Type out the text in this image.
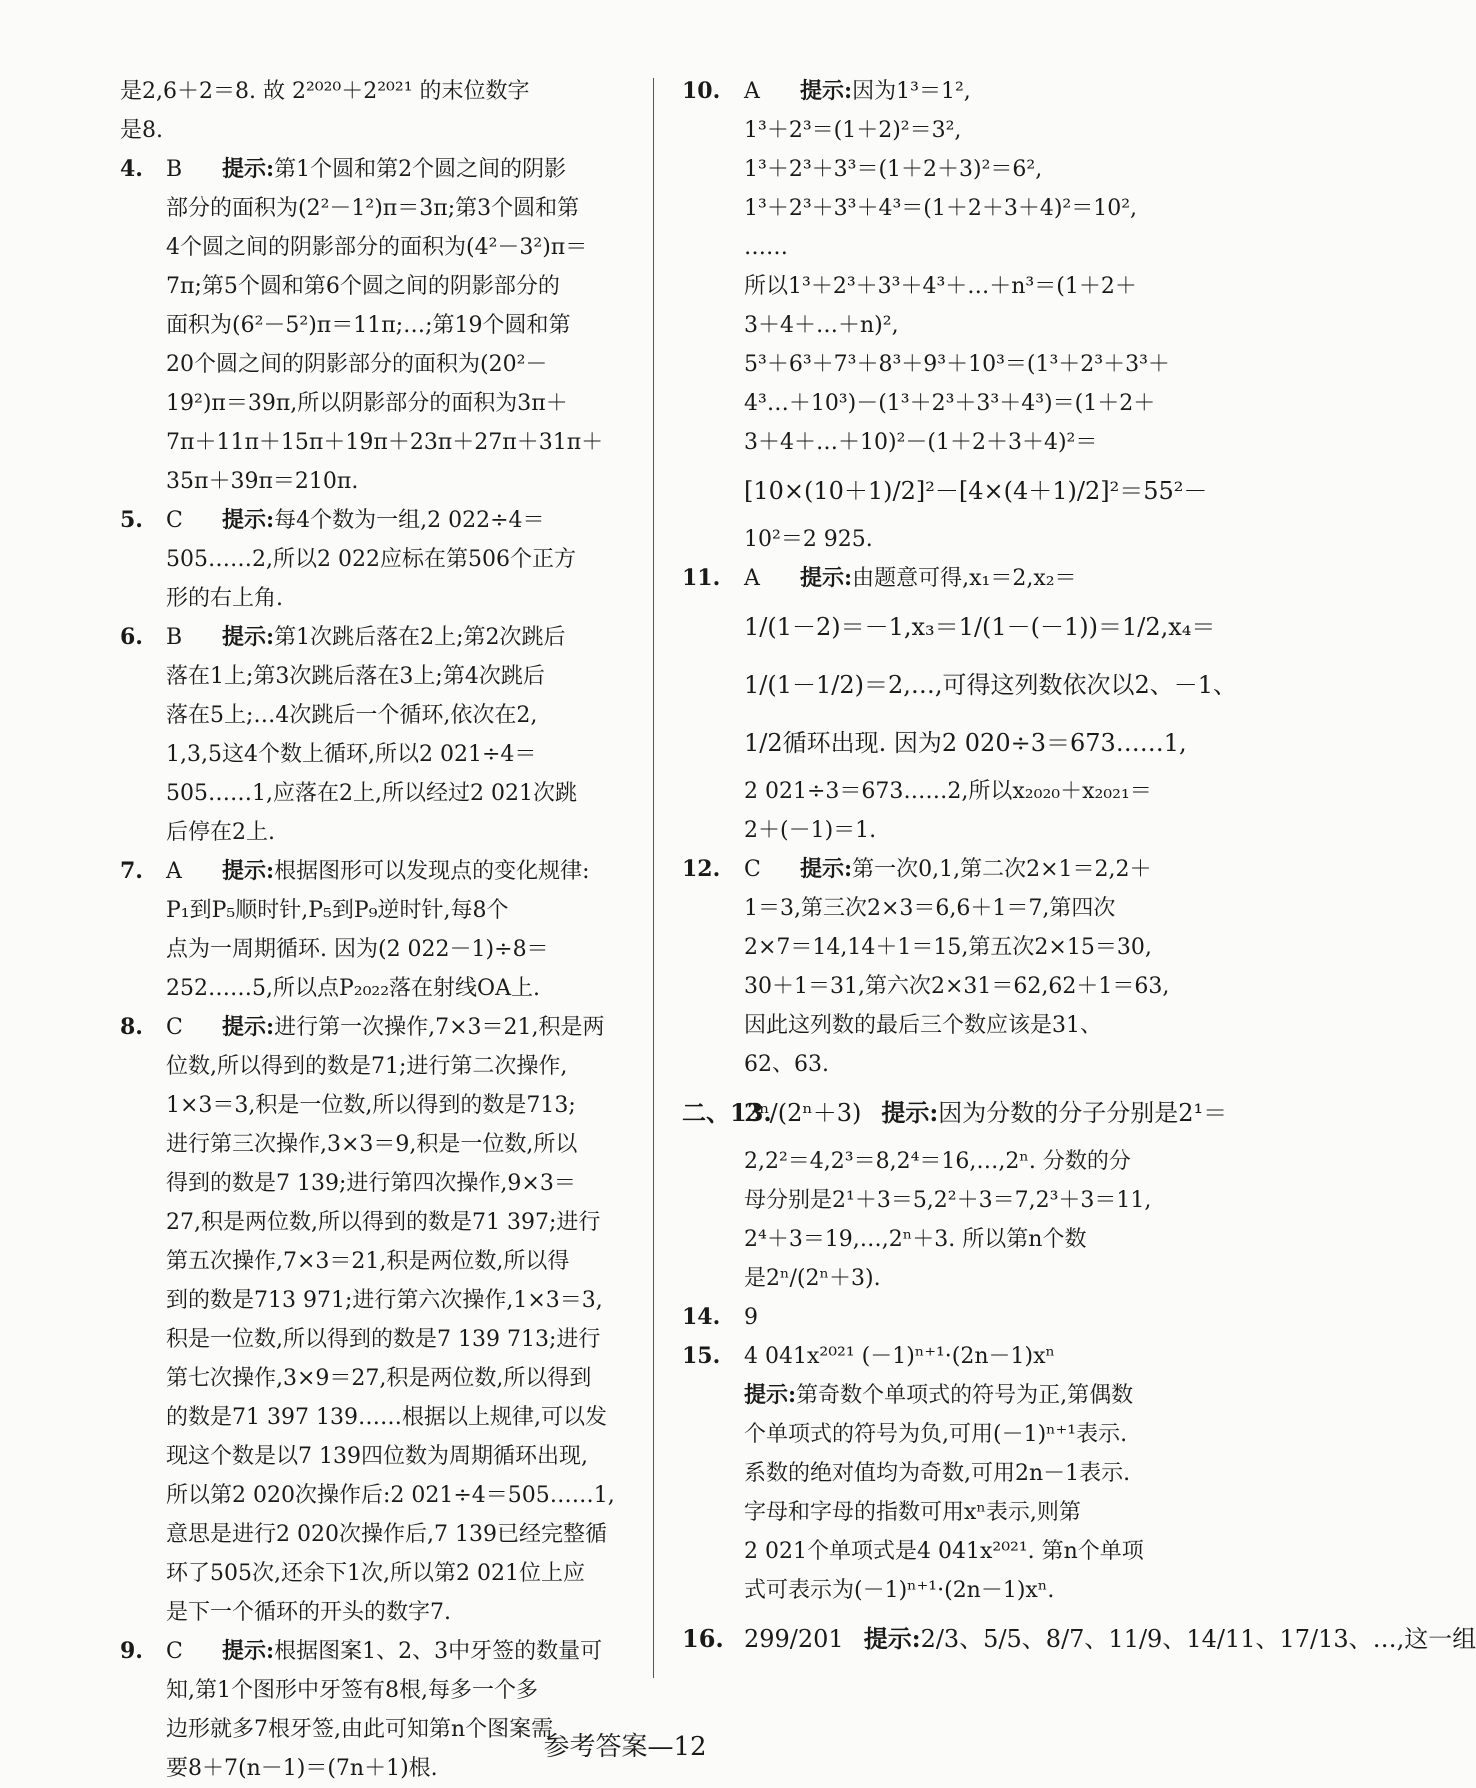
是2,6＋2＝8. 故 2²⁰²⁰＋2²⁰²¹ 的末位数字
是8.
4. B 提示:第1个圆和第2个圆之间的阴影
部分的面积为(2²－1²)π＝3π;第3个圆和第
4个圆之间的阴影部分的面积为(4²－3²)π＝
7π;第5个圆和第6个圆之间的阴影部分的
面积为(6²－5²)π＝11π;…;第19个圆和第
20个圆之间的阴影部分的面积为(20²－
19²)π＝39π,所以阴影部分的面积为3π＋
7π＋11π＋15π＋19π＋23π＋27π＋31π＋
35π＋39π＝210π.
5. C 提示:每4个数为一组,2 022÷4＝
505……2,所以2 022应标在第506个正方
形的右上角.
6. B 提示:第1次跳后落在2上;第2次跳后
落在1上;第3次跳后落在3上;第4次跳后
落在5上;…4次跳后一个循环,依次在2,
1,3,5这4个数上循环,所以2 021÷4＝
505……1,应落在2上,所以经过2 021次跳
后停在2上.
7. A 提示:根据图形可以发现点的变化规律:
P₁到P₅顺时针,P₅到P₉逆时针,每8个
点为一周期循环. 因为(2 022－1)÷8＝
252……5,所以点P₂₀₂₂落在射线OA上.
8. C 提示:进行第一次操作,7×3＝21,积是两
位数,所以得到的数是71;进行第二次操作,
1×3＝3,积是一位数,所以得到的数是713;
进行第三次操作,3×3＝9,积是一位数,所以
得到的数是7 139;进行第四次操作,9×3＝
27,积是两位数,所以得到的数是71 397;进行
第五次操作,7×3＝21,积是两位数,所以得
到的数是713 971;进行第六次操作,1×3＝3,
积是一位数,所以得到的数是7 139 713;进行
第七次操作,3×9＝27,积是两位数,所以得到
的数是71 397 139……根据以上规律,可以发
现这个数是以7 139四位数为周期循环出现,
所以第2 020次操作后:2 021÷4＝505……1,
意思是进行2 020次操作后,7 139已经完整循
环了505次,还余下1次,所以第2 021位上应
是下一个循环的开头的数字7.
9. C 提示:根据图案1、2、3中牙签的数量可
知,第1个图形中牙签有8根,每多一个多
边形就多7根牙签,由此可知第n个图案需
要8＋7(n－1)＝(7n＋1)根.
10. A 提示:因为1³＝1²,
1³＋2³＝(1＋2)²＝3²,
1³＋2³＋3³＝(1＋2＋3)²＝6²,
1³＋2³＋3³＋4³＝(1＋2＋3＋4)²＝10²,
……
所以1³＋2³＋3³＋4³＋…＋n³＝(1＋2＋
3＋4＋…＋n)²,
5³＋6³＋7³＋8³＋9³＋10³＝(1³＋2³＋3³＋
4³…＋10³)－(1³＋2³＋3³＋4³)＝(1＋2＋
3＋4＋…＋10)²－(1＋2＋3＋4)²＝
[10×(10＋1)/2]²－[4×(4＋1)/2]²＝55²－
10²＝2 925.
11. A 提示:由题意可得,x₁＝2,x₂＝
1/(1－2)＝－1,x₃＝1/(1－(－1))＝1/2,x₄＝
1/(1－1/2)＝2,…,可得这列数依次以2、－1、
1/2循环出现. 因为2 020÷3＝673……1,
2 021÷3＝673……2,所以x₂₀₂₀＋x₂₀₂₁＝
2＋(－1)＝1.
12. C 提示:第一次0,1,第二次2×1＝2,2＋
1＝3,第三次2×3＝6,6＋1＝7,第四次
2×7＝14,14＋1＝15,第五次2×15＝30,
30＋1＝31,第六次2×31＝62,62＋1＝63,
因此这列数的最后三个数应该是31、
62、63.
二、13.2ⁿ/(2ⁿ＋3) 提示:因为分数的分子分别是2¹＝
2,2²＝4,2³＝8,2⁴＝16,…,2ⁿ. 分数的分
母分别是2¹＋3＝5,2²＋3＝7,2³＋3＝11,
2⁴＋3＝19,…,2ⁿ＋3. 所以第n个数
是2ⁿ/(2ⁿ＋3).
14. 9
15. 4 041x²⁰²¹ (－1)ⁿ⁺¹·(2n－1)xⁿ
提示:第奇数个单项式的符号为正,第偶数
个单项式的符号为负,可用(－1)ⁿ⁺¹表示.
系数的绝对值均为奇数,可用2n－1表示.
字母和字母的指数可用xⁿ表示,则第
2 021个单项式是4 041x²⁰²¹. 第n个单项
式可表示为(－1)ⁿ⁺¹·(2n－1)xⁿ.
16. 299/201 提示:2/3、5/5、8/7、11/9、14/11、17/13、…,这一组
参考答案—12
